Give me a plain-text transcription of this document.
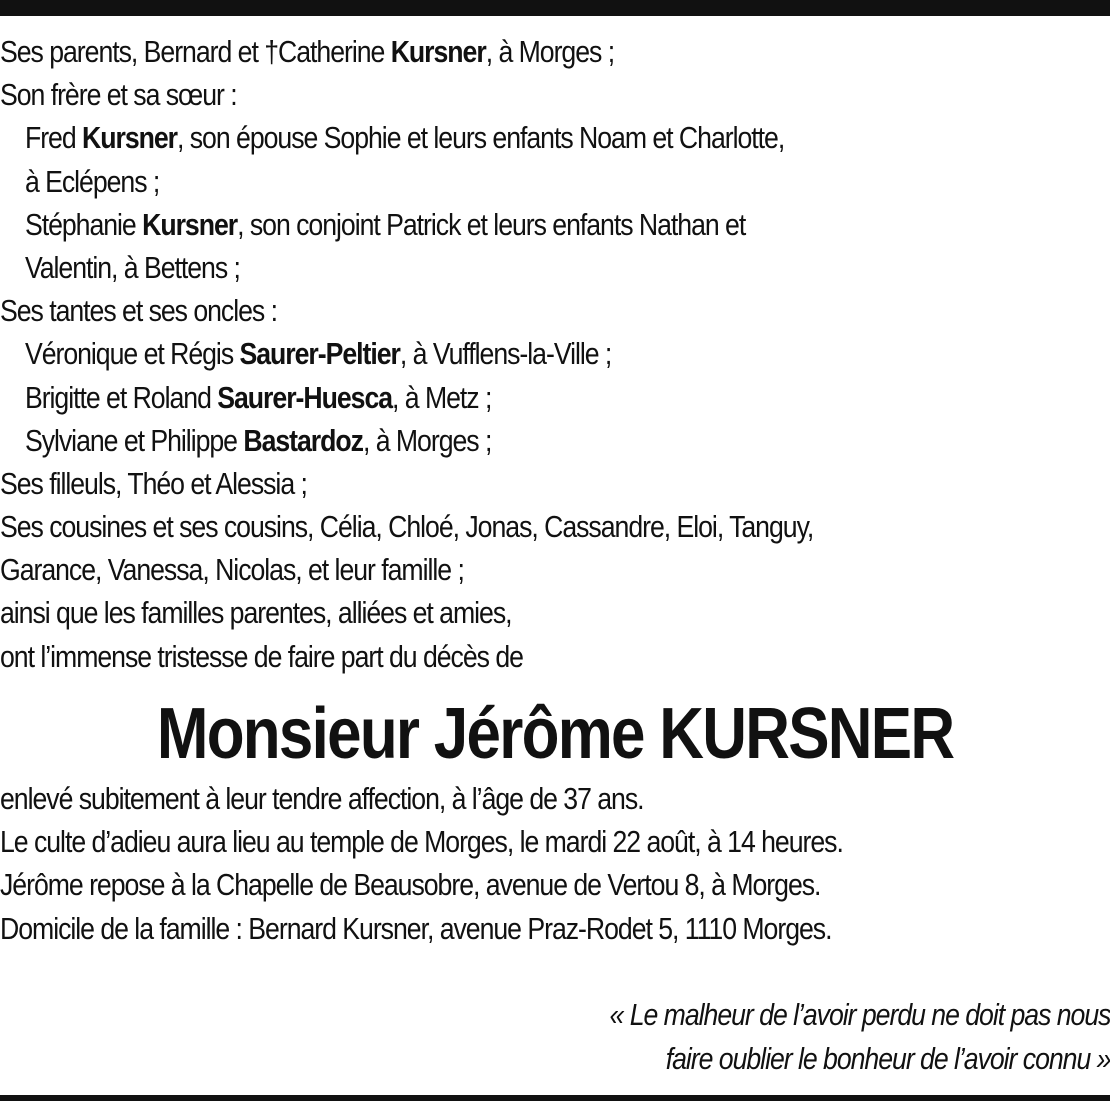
Ses parents, Bernard et †Catherine Kursner, à Morges ;
Son frère et sa sœur :
Fred Kursner, son épouse Sophie et leurs enfants Noam et Charlotte,
à Eclépens ;
Stéphanie Kursner, son conjoint Patrick et leurs enfants Nathan et
Valentin, à Bettens ;
Ses tantes et ses oncles :
Véronique et Régis Saurer-Peltier, à Vufflens-la-Ville ;
Brigitte et Roland Saurer-Huesca, à Metz ;
Sylviane et Philippe Bastardoz, à Morges ;
Ses filleuls, Théo et Alessia ;
Ses cousines et ses cousins, Célia, Chloé, Jonas, Cassandre, Eloi, Tanguy,
Garance, Vanessa, Nicolas, et leur famille ;
ainsi que les familles parentes, alliées et amies,
ont l’immense tristesse de faire part du décès de
Monsieur Jérôme KURSNER
enlevé subitement à leur tendre affection, à l’âge de 37 ans.
Le culte d’adieu aura lieu au temple de Morges, le mardi 22 août, à 14 heures.
Jérôme repose à la Chapelle de Beausobre, avenue de Vertou 8, à Morges.
Domicile de la famille : Bernard Kursner, avenue Praz-Rodet 5, 1110 Morges.
« Le malheur de l’avoir perdu ne doit pas nous
faire oublier le bonheur de l’avoir connu »
